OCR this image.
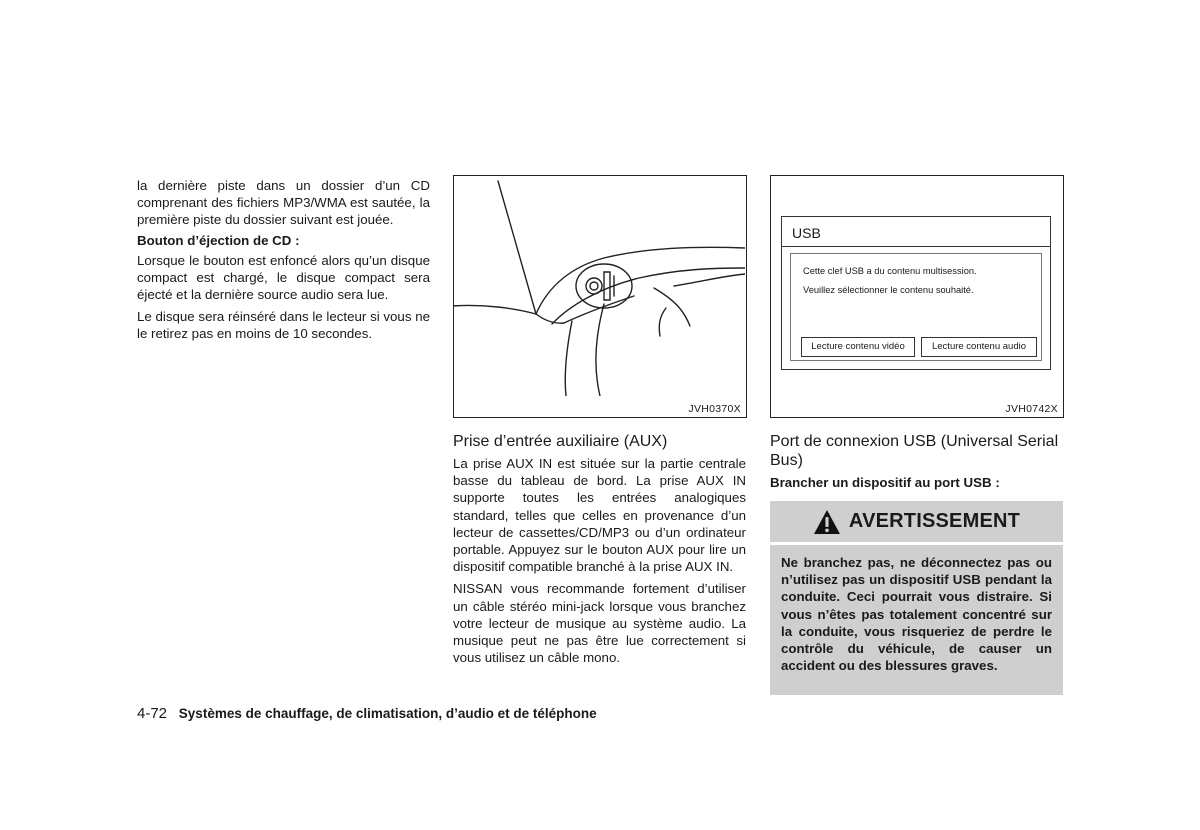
la dernière piste dans un dossier d’un CD comprenant des fichiers MP3/WMA est sautée, la première piste du dossier suivant est jouée.

Bouton d’éjection de CD :

Lorsque le bouton est enfoncé alors qu’un disque compact est chargé, le disque compact sera éjecté et la dernière source audio sera lue.

Le disque sera réinséré dans le lecteur si vous ne le retirez pas en moins de 10 secondes.

JVH0370X
USB
Cette clef USB a du contenu multisession.
Veuillez sélectionner le contenu souhaité.
Lecture contenu vidéo	Lecture contenu audio
JVH0742X
Prise d’entrée auxiliaire (AUX)

La prise AUX IN est située sur la partie centrale basse du tableau de bord. La prise AUX IN supporte toutes les entrées analogiques standard, telles que celles en provenance d’un lecteur de cassettes/CD/MP3 ou d’un ordinateur portable. Appuyez sur le bouton AUX pour lire un dispositif compatible branché à la prise AUX IN.

NISSAN vous recommande fortement d’utiliser un câble stéréo mini-jack lorsque vous branchez votre lecteur de musique au système audio. La musique peut ne pas être lue correctement si vous utilisez un câble mono.

Port de connexion USB (Universal Serial Bus)

Brancher un dispositif au port USB :

AVERTISSEMENT

Ne branchez pas, ne déconnectez pas ou n’utilisez pas un dispositif USB pendant la conduite. Ceci pourrait vous distraire. Si vous n’êtes pas totalement concentré sur la conduite, vous risqueriez de perdre le contrôle du véhicule, de causer un accident ou des blessures graves.

4-72 Systèmes de chauffage, de climatisation, d’audio et de téléphone
